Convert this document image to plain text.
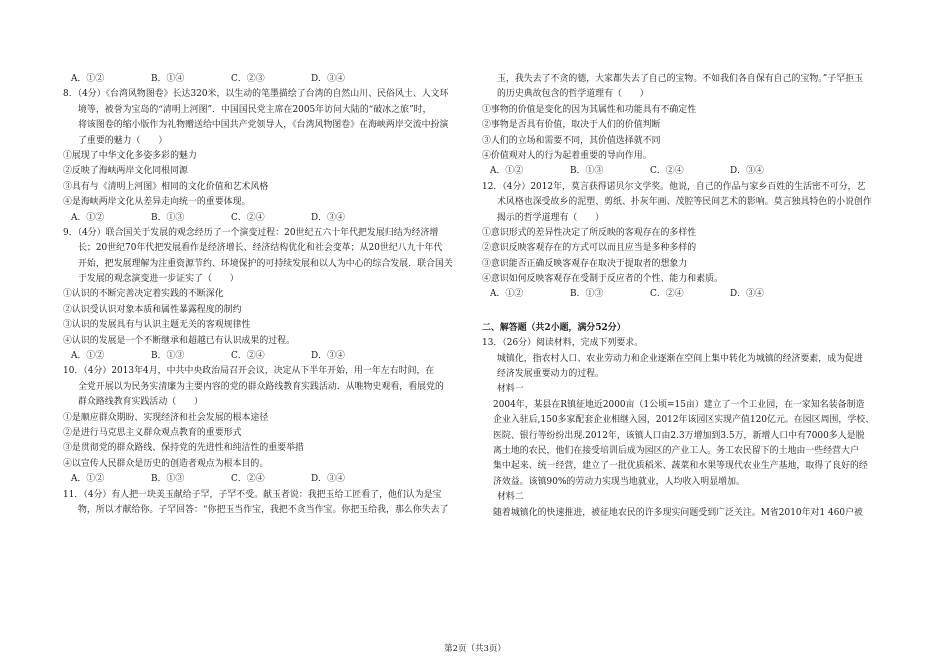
A．①②	B．①④	C．②③	D．③④
8．（4分）《台湾风物图卷》长达320米，以生动的笔墨描绘了台湾的自然山川、民俗风土、人文环
境等，被誉为宝岛的“清明上河图”．中国国民党主席在2005年访问大陆的“破冰之旅”时，
将该图卷的缩小版作为礼物赠送给中国共产党领导人，《台湾风物图卷》在海峡两岸交流中扮演
了重要的魅力（　　）
①展现了中华文化多姿多彩的魅力
②反映了海峡两岸文化同根同源
③具有与《清明上河图》相同的文化价值和艺术风格
④是海峡两岸文化从差异走向统一的重要体现。
A．①②	B．①③	C．②④	D．③④
9．（4分）联合国关于发展的观念经历了一个演变过程：20世纪五六十年代把发展归结为经济增
长；20世纪70年代把发展看作是经济增长、经济结构优化和社会变革；从20世纪八九十年代
开始，把发展理解为注重资源节约、环境保护的可持续发展和以人为中心的综合发展．联合国关
于发展的观念演变进一步证实了（　　）
①认识的不断完善决定着实践的不断深化
②认识受认识对象本质和属性暴露程度的制约
③认识的发展具有与认识主题无关的客观规律性
④认识的发展是一个不断继承和超越已有认识成果的过程。
A．①②	B．①③	C．②④	D．③④
10．（4分）2013年4月，中共中央政治局召开会议，决定从下半年开始，用一年左右时间，在
全党开展以为民务实清廉为主要内容的党的群众路线教育实践活动．从唯物史观看，看展党的
群众路线教育实践活动（　　）
①是顺应群众期盼、实现经济和社会发展的根本途径
②是进行马克思主义群众观点教育的重要形式
③是贯彻党的群众路线、保持党的先进性和纯洁性的重要举措
④以宣传人民群众是历史的创造者观点为根本目的。
A．①②	B．①③	C．②④	D．③④
11．（4分）有人把一块美玉献给子罕，子罕不受。献玉者说：我把玉给工匠看了，他们认为是宝
物，所以才献给你。子罕回答：“你把玉当作宝，我把不贪当作宝。你把玉给我，那么你失去了
玉，我失去了不贪的德，大家都失去了自己的宝物。不如我们各自保有自己的宝物。”子罕拒玉
的历史典故包含的哲学道理有（　　）
①事物的价值是变化的因为其属性和功能具有不确定性
②事物是否具有价值，取决于人们的价值判断
③人们的立场和需要不同，其价值选择就不同
④价值观对人的行为起着重要的导向作用。
A．①②	B．①③	C．②④	D．③④
12．（4分）2012年，莫言获得诺贝尔文学奖。他说，自己的作品与家乡百姓的生活密不可分，艺
术风格也深受故乡的泥塑、剪纸、扑灰年画、茂腔等民间艺术的影响。莫言独具特色的小说创作
揭示的哲学道理有（　　）
①意识形式的差异性决定了所反映的客观存在的多样性
②意识反映客观存在的方式可以而且应当是多种多样的
③意识能否正确反映客观存在取决于提取者的想象力
④意识如何反映客观存在受制于反应者的个性、能力和素质。
A．①②	B．①③	C．②④	D．③④
二、解答题（共2小题，满分52分）
13．（26分）阅读材料，完成下列要求。
城镇化，指农村人口、农业劳动力和企业逐渐在空间上集中转化为城镇的经济要素，成为促进
经济发展重要动力的过程。
材料一
2004年，某县在R镇征地近2000亩（1公顷=15亩）建立了一个工业园，在一家知名装备制造
企业入驻后,150多家配套企业相继入园，2012年该园区实现产值120亿元。在园区周围，学校、
医院、银行等纷纷出现.2012年，该镇人口由2.3万增加到3.5万，新增人口中有7000多人是脱
离土地的农民，他们在接受培训后成为园区的产业工人。务工农民留下的土地由一些经营大户
集中起来、统一经营，建立了一批优质稻米、蔬菜和水果等现代农业生产基地，取得了良好的经
济效益。该镇90%的劳动力实现当地就业，人均收入明显增加。
材料二
随着城镇化的快速推进，被征地农民的许多现实问题受到广泛关注。M省2010年对1 460户被
第2页（共3页）
